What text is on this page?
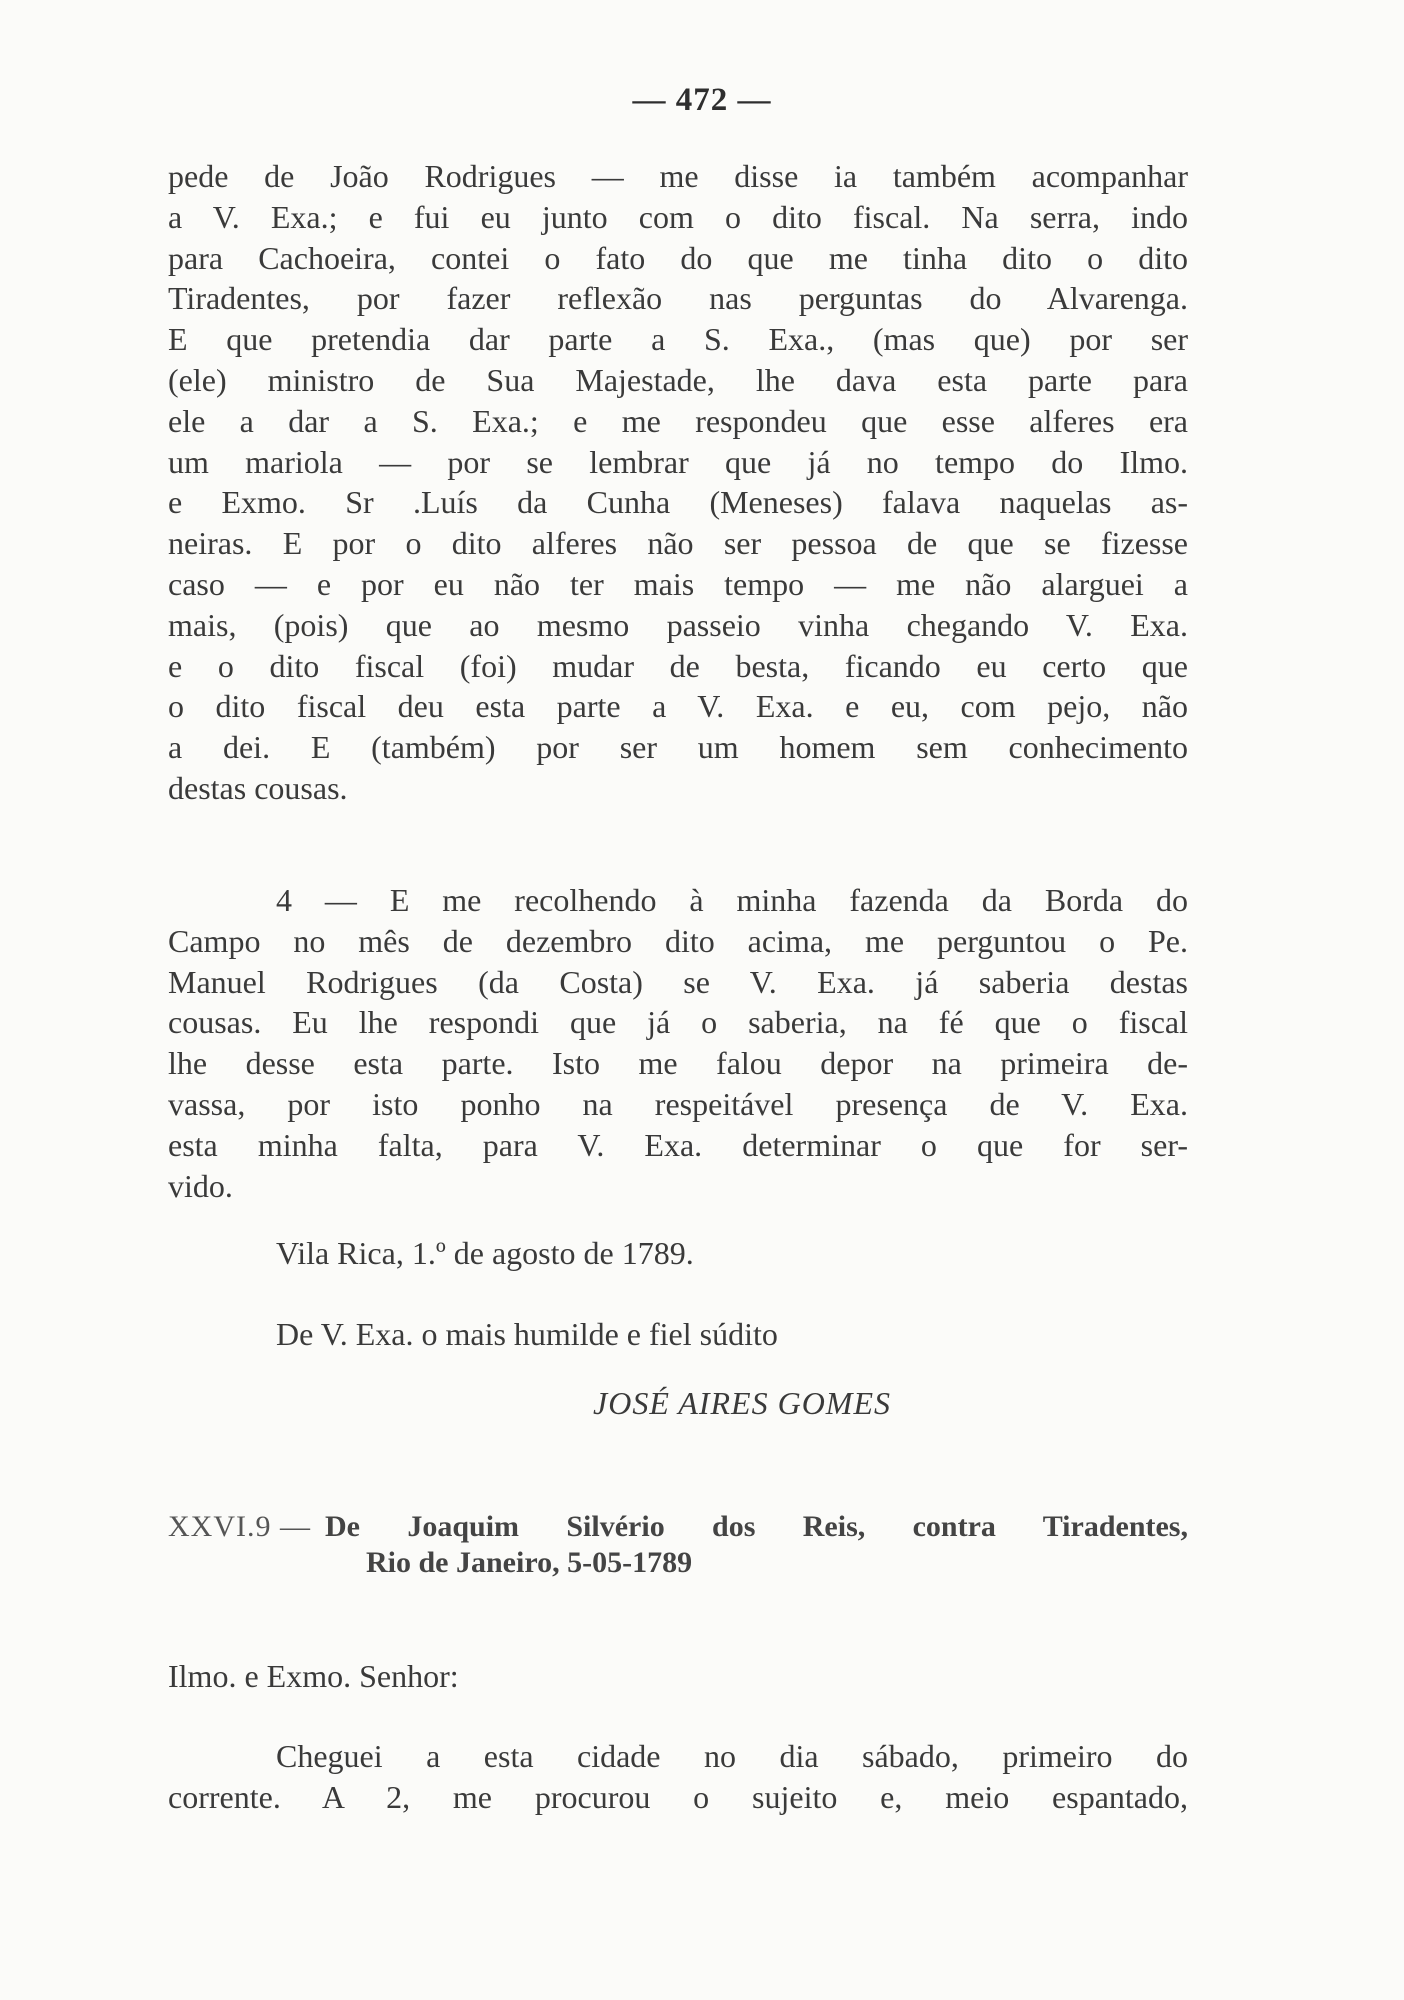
— 472 —
pede de João Rodrigues — me disse ia também acompanhar
a V. Exa.; e fui eu junto com o dito fiscal. Na serra, indo
para Cachoeira, contei o fato do que me tinha dito o dito
Tiradentes, por fazer reflexão nas perguntas do Alvarenga.
E que pretendia dar parte a S. Exa., (mas que) por ser
(ele) ministro de Sua Majestade, lhe dava esta parte para
ele a dar a S. Exa.; e me respondeu que esse alferes era
um mariola — por se lembrar que já no tempo do Ilmo.
e Exmo. Sr .Luís da Cunha (Meneses) falava naquelas as-
neiras. E por o dito alferes não ser pessoa de que se fizesse
caso — e por eu não ter mais tempo — me não alarguei a
mais, (pois) que ao mesmo passeio vinha chegando V. Exa.
e o dito fiscal (foi) mudar de besta, ficando eu certo que
o dito fiscal deu esta parte a V. Exa. e eu, com pejo, não
a dei. E (também) por ser um homem sem conhecimento
destas cousas.
4 — E me recolhendo à minha fazenda da Borda do
Campo no mês de dezembro dito acima, me perguntou o Pe.
Manuel Rodrigues (da Costa) se V. Exa. já saberia destas
cousas. Eu lhe respondi que já o saberia, na fé que o fiscal
lhe desse esta parte. Isto me falou depor na primeira de-
vassa, por isto ponho na respeitável presença de V. Exa.
esta minha falta, para V. Exa. determinar o que for ser-
vido.
Vila Rica, 1.º de agosto de 1789.
De V. Exa. o mais humilde e fiel súdito
JOSÉ AIRES GOMES
XXVI.9 — De Joaquim Silvério dos Reis, contra Tiradentes,
Rio de Janeiro, 5-05-1789
Ilmo. e Exmo. Senhor:
Cheguei a esta cidade no dia sábado, primeiro do
corrente. A 2, me procurou o sujeito e, meio espantado,
